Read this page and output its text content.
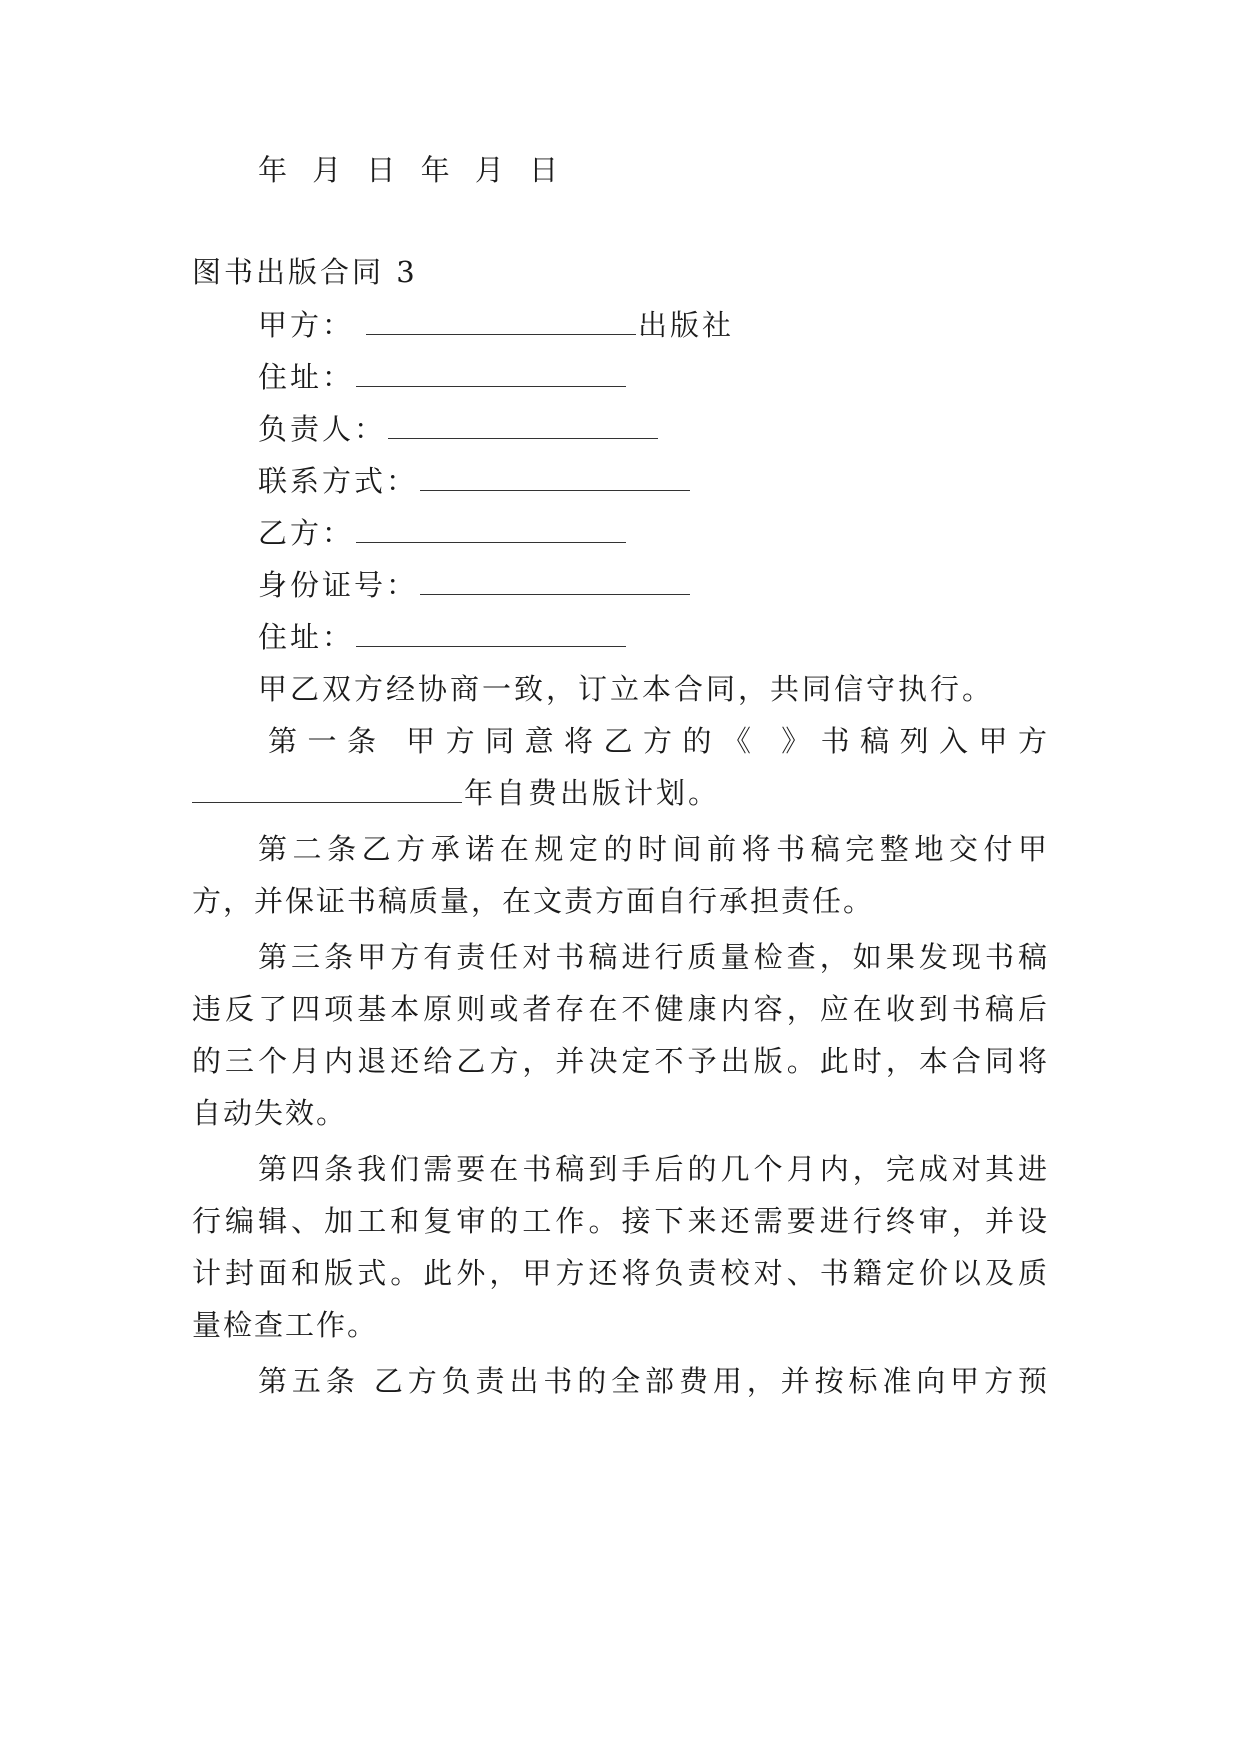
年 月 日 年 月 日
图书出版合同 3
甲方：	出版社
住址：
负责人：
联系方式：
乙方：
身份证号：
住址：
甲乙双方经协商一致，订立本合同，共同信守执行。
第一条 甲方同意将乙方的《 》书稿列入甲方
年自费出版计划。
第二条乙方承诺在规定的时间前将书稿完整地交付甲
方，并保证书稿质量，在文责方面自行承担责任。
第三条甲方有责任对书稿进行质量检查，如果发现书稿
违反了四项基本原则或者存在不健康内容，应在收到书稿后
的三个月内退还给乙方，并决定不予出版。此时，本合同将
自动失效。
第四条我们需要在书稿到手后的几个月内，完成对其进
行编辑、加工和复审的工作。接下来还需要进行终审，并设
计封面和版式。此外，甲方还将负责校对、书籍定价以及质
量检查工作。
第五条 乙方负责出书的全部费用，并按标准向甲方预
